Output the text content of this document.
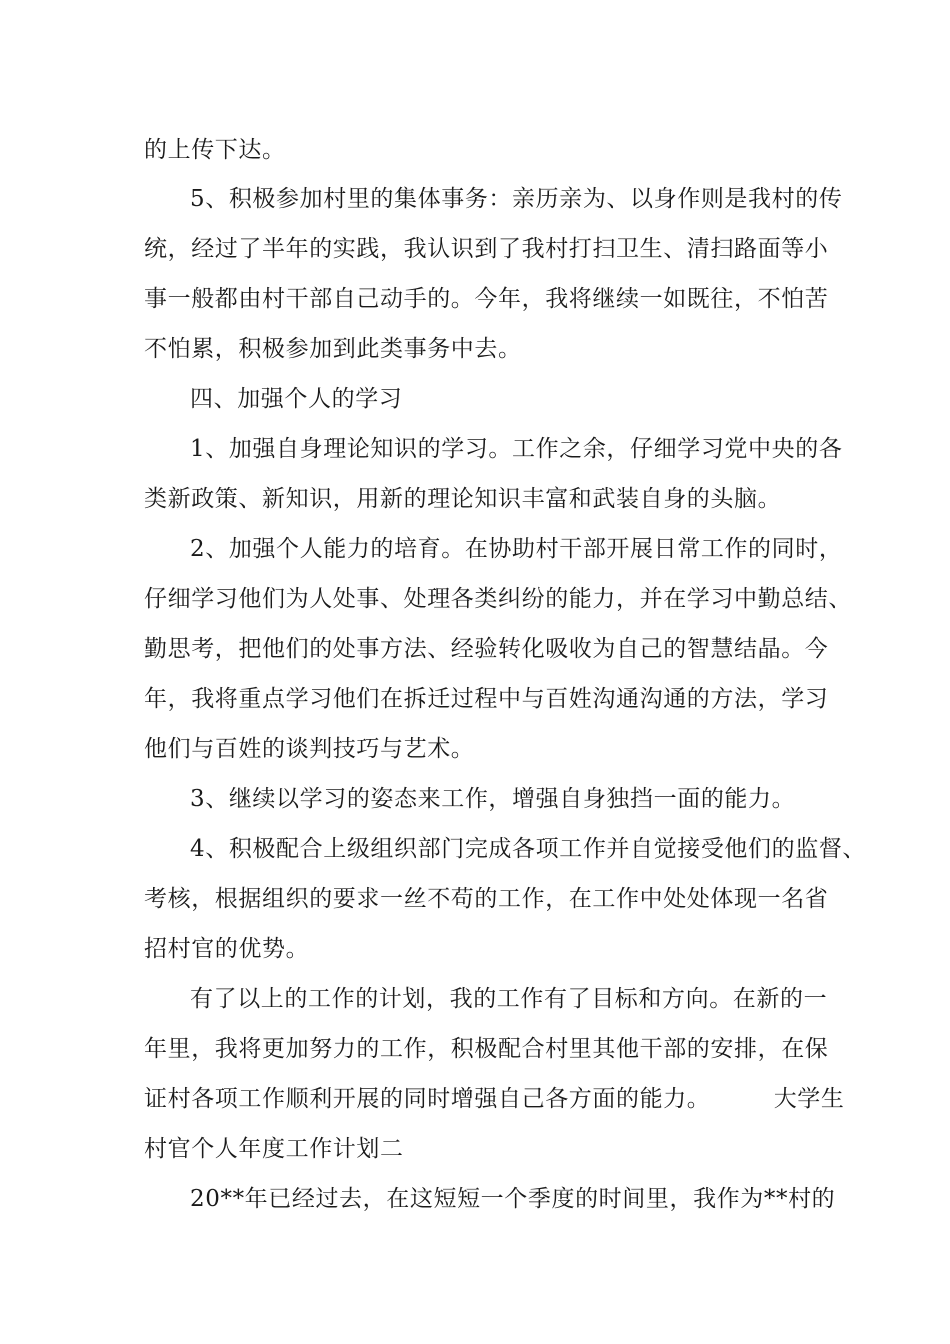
的上传下达。
5、积极参加村里的集体事务：亲历亲为、以身作则是我村的传
统，经过了半年的实践，我认识到了我村打扫卫生、清扫路面等小
事一般都由村干部自己动手的。今年，我将继续一如既往，不怕苦
不怕累，积极参加到此类事务中去。
四、加强个人的学习
1、加强自身理论知识的学习。工作之余，仔细学习党中央的各
类新政策、新知识，用新的理论知识丰富和武装自身的头脑。
2、加强个人能力的培育。在协助村干部开展日常工作的同时，
仔细学习他们为人处事、处理各类纠纷的能力，并在学习中勤总结、
勤思考，把他们的处事方法、经验转化吸收为自己的智慧结晶。今
年，我将重点学习他们在拆迁过程中与百姓沟通沟通的方法，学习
他们与百姓的谈判技巧与艺术。
3、继续以学习的姿态来工作，增强自身独挡一面的能力。
4、积极配合上级组织部门完成各项工作并自觉接受他们的监督、
考核，根据组织的要求一丝不苟的工作，在工作中处处体现一名省
招村官的优势。
有了以上的工作的计划，我的工作有了目标和方向。在新的一
年里，我将更加努力的工作，积极配合村里其他干部的安排，在保
证村各项工作顺利开展的同时增强自己各方面的能力。        大学生
村官个人年度工作计划二
20**年已经过去，在这短短一个季度的时间里，我作为**村的
